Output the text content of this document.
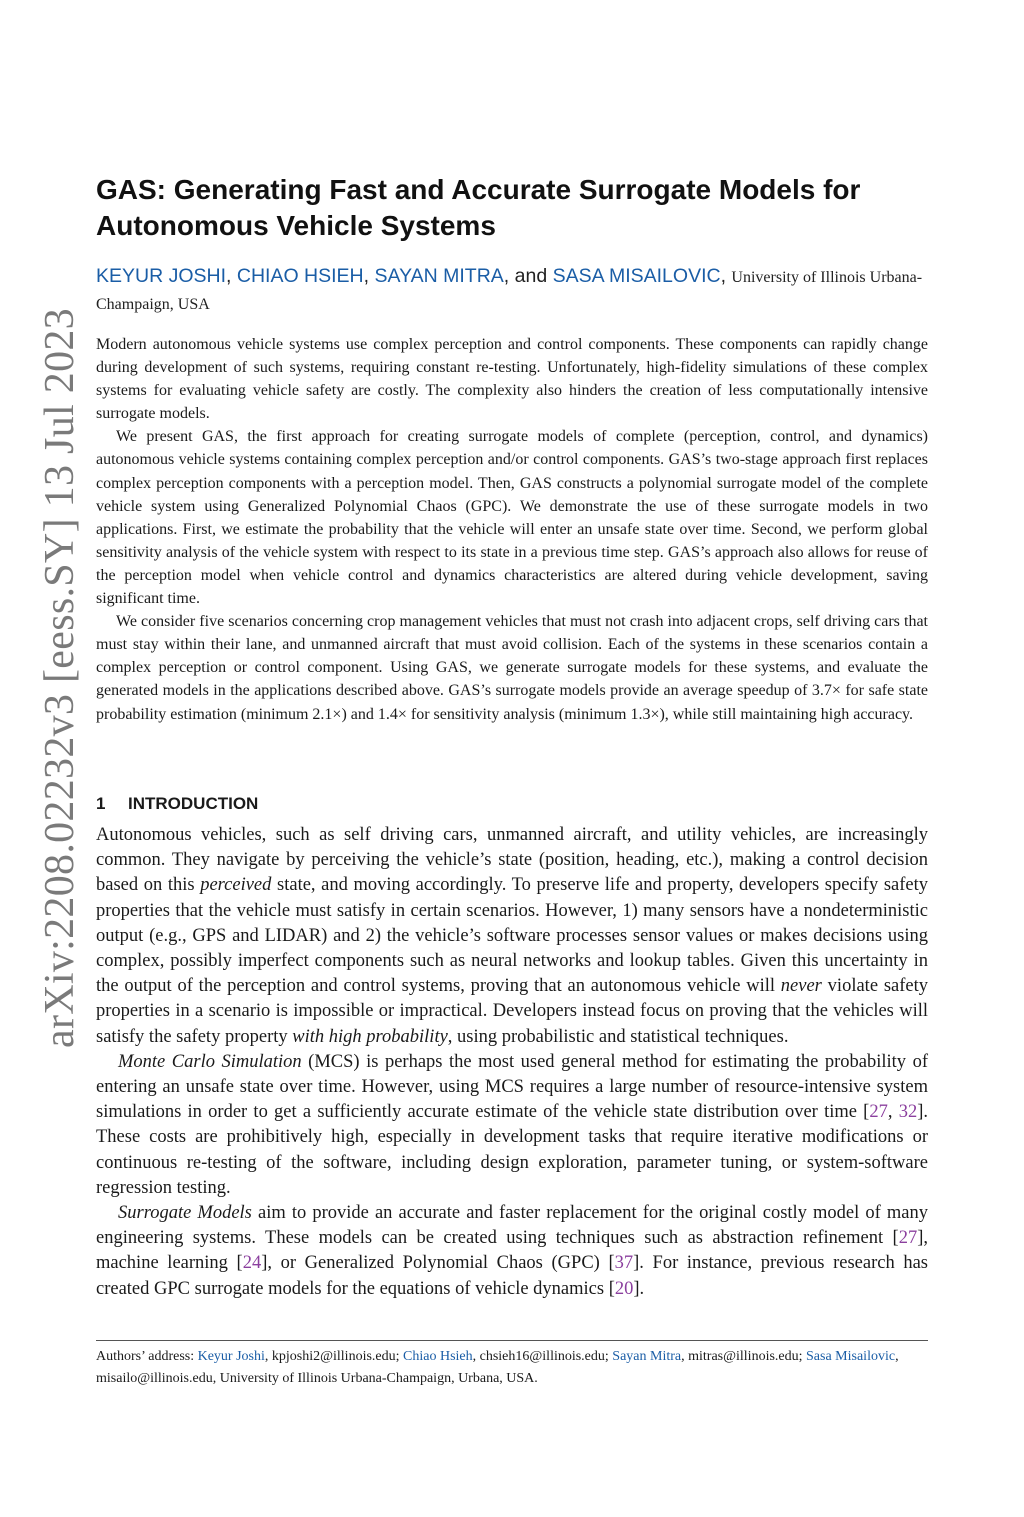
arXiv:2208.02232v3 [eess.SY] 13 Jul 2023
GAS: Generating Fast and Accurate Surrogate Models for Autonomous Vehicle Systems
KEYUR JOSHI, CHIAO HSIEH, SAYAN MITRA, and SASA MISAILOVIC, University of Illinois Urbana-Champaign, USA

Modern autonomous vehicle systems use complex perception and control components. These components can rapidly change during development of such systems, requiring constant re-testing. Unfortunately, high-fidelity simulations of these complex systems for evaluating vehicle safety are costly. The complexity also hinders the creation of less computationally intensive surrogate models.

We present GAS, the first approach for creating surrogate models of complete (perception, control, and dynamics) autonomous vehicle systems containing complex perception and/or control components. GAS’s two-stage approach first replaces complex perception components with a perception model. Then, GAS constructs a polynomial surrogate model of the complete vehicle system using Generalized Polynomial Chaos (GPC). We demonstrate the use of these surrogate models in two applications. First, we estimate the probability that the vehicle will enter an unsafe state over time. Second, we perform global sensitivity analysis of the vehicle system with respect to its state in a previous time step. GAS’s approach also allows for reuse of the perception model when vehicle control and dynamics characteristics are altered during vehicle development, saving significant time.

We consider five scenarios concerning crop management vehicles that must not crash into adjacent crops, self driving cars that must stay within their lane, and unmanned aircraft that must avoid collision. Each of the systems in these scenarios contain a complex perception or control component. Using GAS, we generate surrogate models for these systems, and evaluate the generated models in the applications described above. GAS’s surrogate models provide an average speedup of 3.7× for safe state probability estimation (minimum 2.1×) and 1.4× for sensitivity analysis (minimum 1.3×), while still maintaining high accuracy.

1 INTRODUCTION

Autonomous vehicles, such as self driving cars, unmanned aircraft, and utility vehicles, are increasingly common. They navigate by perceiving the vehicle’s state (position, heading, etc.), making a control decision based on this perceived state, and moving accordingly. To preserve life and property, developers specify safety properties that the vehicle must satisfy in certain scenarios. However, 1) many sensors have a nondeterministic output (e.g., GPS and LIDAR) and 2) the vehicle’s software processes sensor values or makes decisions using complex, possibly imperfect components such as neural networks and lookup tables. Given this uncertainty in the output of the perception and control systems, proving that an autonomous vehicle will never violate safety properties in a scenario is impossible or impractical. Developers instead focus on proving that the vehicles will satisfy the safety property with high probability, using probabilistic and statistical techniques.

Monte Carlo Simulation (MCS) is perhaps the most used general method for estimating the probability of entering an unsafe state over time. However, using MCS requires a large number of resource-intensive system simulations in order to get a sufficiently accurate estimate of the vehicle state distribution over time [27, 32]. These costs are prohibitively high, especially in development tasks that require iterative modifications or continuous re-testing of the software, including design exploration, parameter tuning, or system-software regression testing.

Surrogate Models aim to provide an accurate and faster replacement for the original costly model of many engineering systems. These models can be created using techniques such as abstraction refinement [27], machine learning [24], or Generalized Polynomial Chaos (GPC) [37]. For instance, previous research has created GPC surrogate models for the equations of vehicle dynamics [20].

Authors’ address: Keyur Joshi, kpjoshi2@illinois.edu; Chiao Hsieh, chsieh16@illinois.edu; Sayan Mitra, mitras@illinois.edu; Sasa Misailovic, misailo@illinois.edu, University of Illinois Urbana-Champaign, Urbana, USA.
